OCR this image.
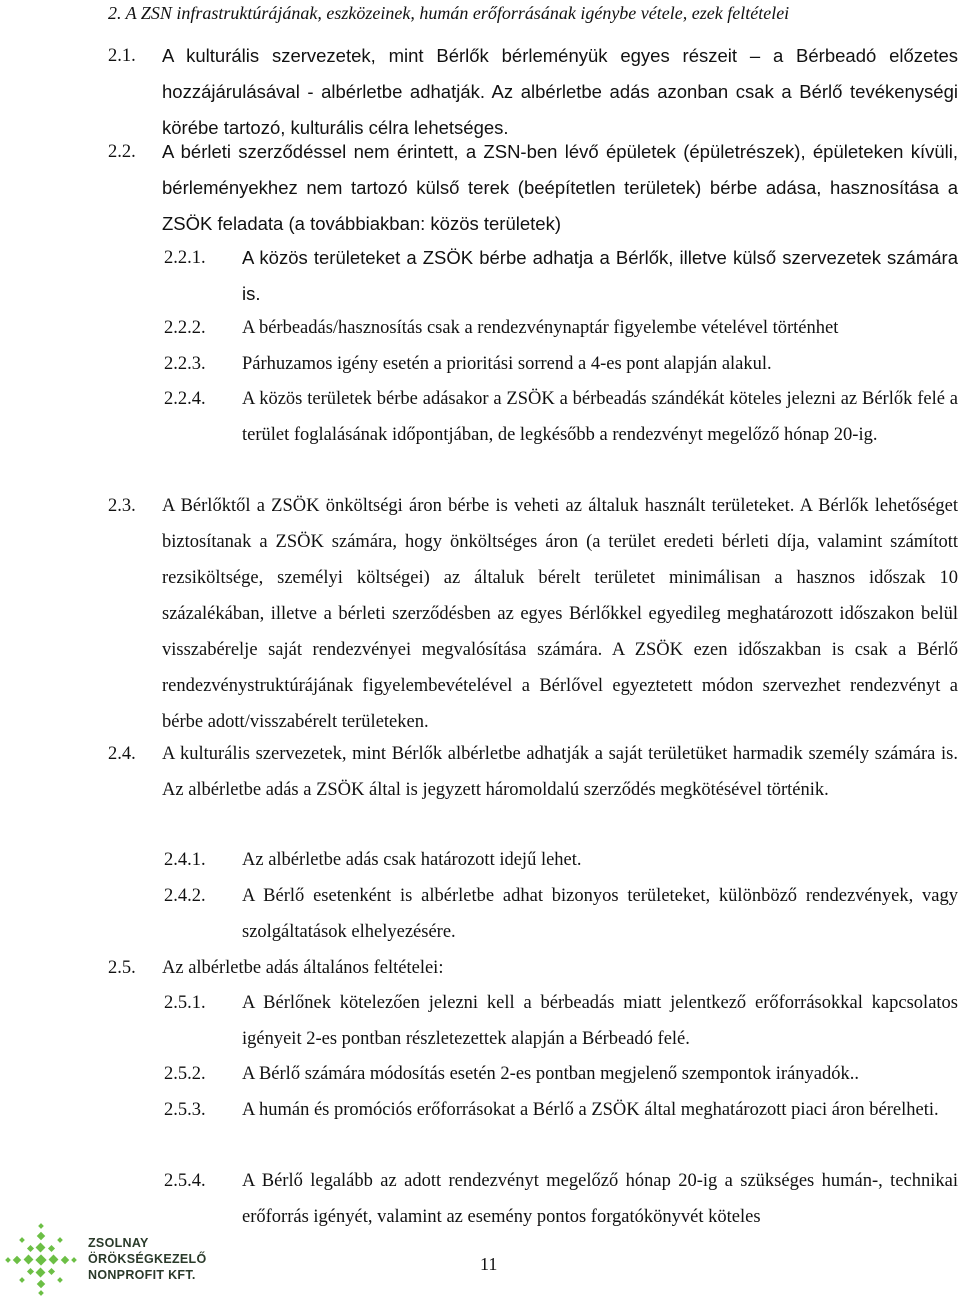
2. A ZSN infrastruktúrájának, eszközeinek, humán erőforrásának igénybe vétele, ezek feltételei
2.1. A kulturális szervezetek, mint Bérlők bérleményük egyes részeit – a Bérbeadó előzetes hozzájárulásával - albérletbe adhatják. Az albérletbe adás azonban csak a Bérlő tevékenységi körébe tartozó, kulturális célra lehetséges.
2.2. A bérleti szerződéssel nem érintett, a ZSN-ben lévő épületek (épületrészek), épületeken kívüli, bérleményekhez nem tartozó külső terek (beépítetlen területek) bérbe adása, hasznosítása a ZSÖK feladata (a továbbiakban: közös területek)
2.2.1. A közös területeket a ZSÖK bérbe adhatja a Bérlők, illetve külső szervezetek számára is.
2.2.2. A bérbeadás/hasznosítás csak a rendezvénynaptár figyelembe vételével történhet
2.2.3. Párhuzamos igény esetén a prioritási sorrend a 4-es pont alapján alakul.
2.2.4. A közös területek bérbe adásakor a ZSÖK a bérbeadás szándékát köteles jelezni az Bérlők felé a terület foglalásának időpontjában, de legkésőbb a rendezvényt megelőző hónap 20-ig.
2.3. A Bérlőktől a ZSÖK önköltségi áron bérbe is veheti az általuk használt területeket. A Bérlők lehetőséget biztosítanak a ZSÖK számára, hogy önköltséges áron (a terület eredeti bérleti díja, valamint számított rezsiköltsége, személyi költségei) az általuk bérelt területet minimálisan a hasznos időszak 10 százalékában, illetve a bérleti szerződésben az egyes Bérlőkkel egyedileg meghatározott időszakon belül visszabérelje saját rendezvényei megvalósítása számára. A ZSÖK ezen időszakban is csak a Bérlő rendezvénystruktúrájának figyelembevételével a Bérlővel egyeztetett módon szervezhet rendezvényt a bérbe adott/visszabérelt területeken.
2.4. A kulturális szervezetek, mint Bérlők albérletbe adhatják a saját területüket harmadik személy számára is. Az albérletbe adás a ZSÖK által is jegyzett háromoldalú szerződés megkötésével történik.
2.4.1. Az albérletbe adás csak határozott idejű lehet.
2.4.2. A Bérlő esetenként is albérletbe adhat bizonyos területeket, különböző rendezvények, vagy szolgáltatások elhelyezésére.
2.5. Az albérletbe adás általános feltételei:
2.5.1. A Bérlőnek kötelezően jelezni kell a bérbeadás miatt jelentkező erőforrásokkal kapcsolatos igényeit 2-es pontban részletezettek alapján a Bérbeadó felé.
2.5.2. A Bérlő számára módosítás esetén 2-es pontban megjelenő szempontok irányadók..
2.5.3. A humán és promóciós erőforrásokat a Bérlő a ZSÖK által meghatározott piaci áron bérelheti.
2.5.4. A Bérlő legalább az adott rendezvényt megelőző hónap 20-ig a szükséges humán-, technikai erőforrás igényét, valamint az esemény pontos forgatókönyvét köteles
ZSOLNAY
ÖRÖKSÉGKEZELŐ
NONPROFIT KFT.
11
